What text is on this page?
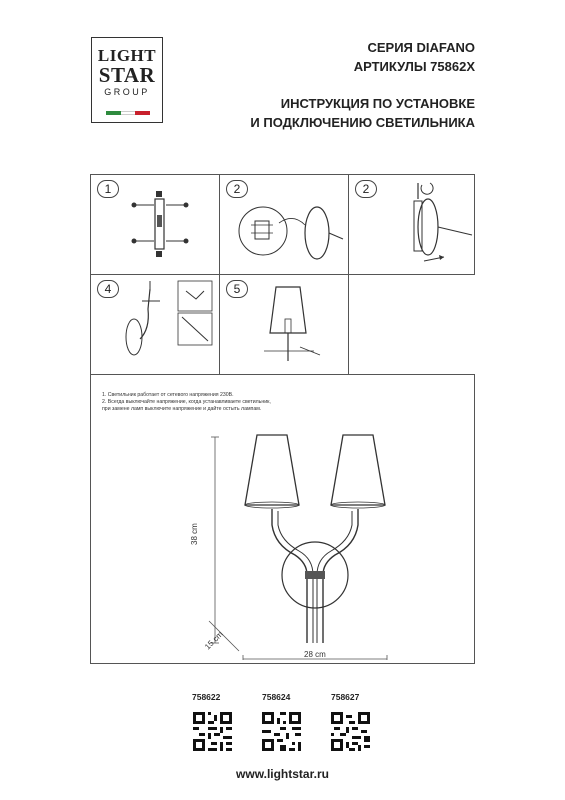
LIGHT
STAR
GROUP
СЕРИЯ DIAFANO
АРТИКУЛЫ 75862X
ИНСТРУКЦИЯ ПО УСТАНОВКЕ
И ПОДКЛЮЧЕНИЮ СВЕТИЛЬНИКА
1	2	2
4	5
1. Светильник работает от сетевого напряжения 230В.
2. Всегда выключайте напряжение, когда устанавливаете светильник,
при замене ламп выключите напряжение и дайте остыть лампам.
38 cm
15 cm
28 cm
758622	758624	758627
www.lightstar.ru
